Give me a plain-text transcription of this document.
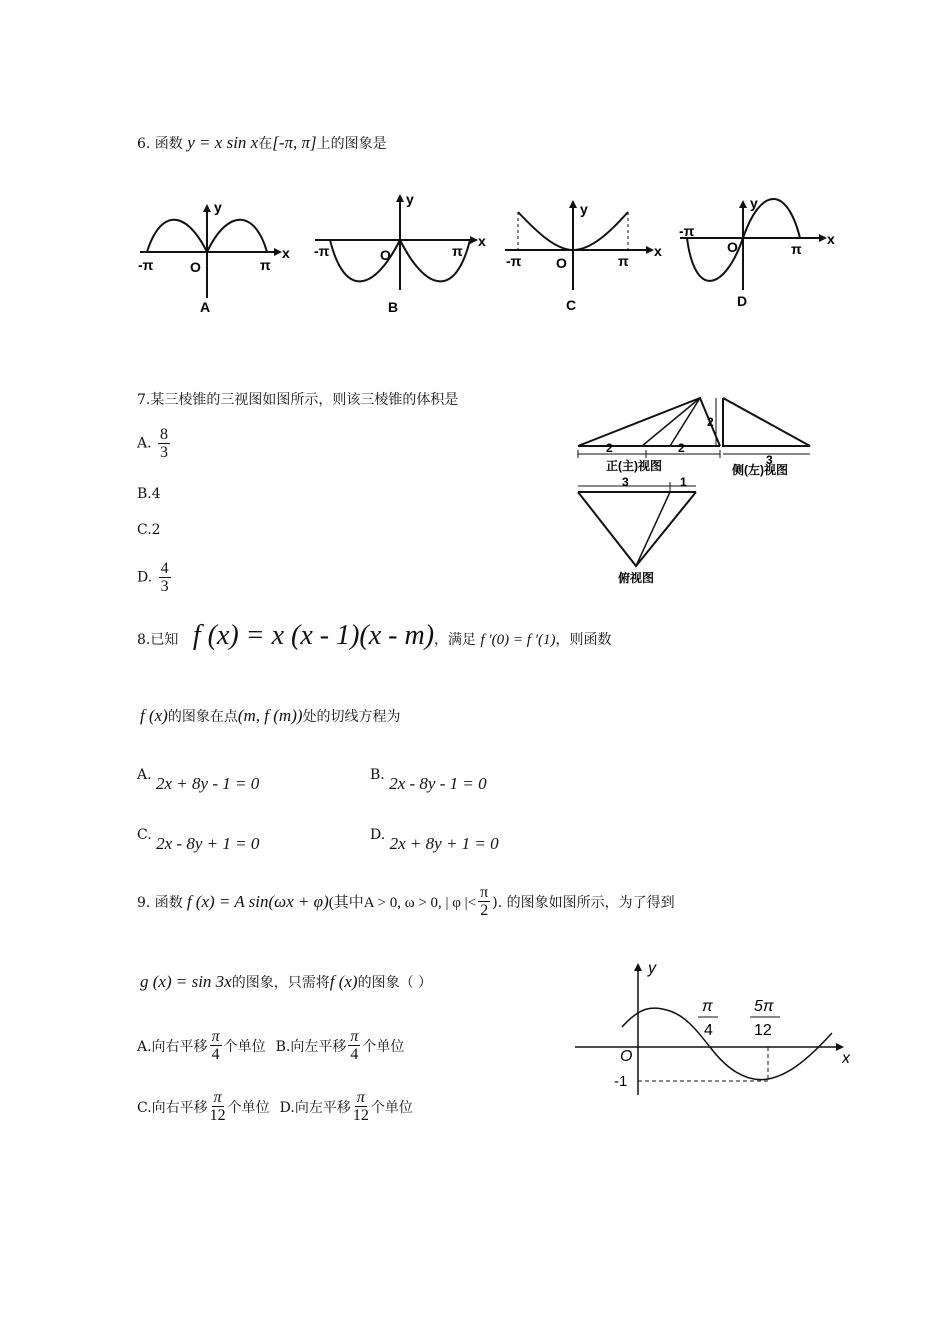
6. 函数 y = x sin x在[-π, π]上的图象是
y
x
O
-π	π
A
y
x
O
-π	π
B
y
x
O
-π	π
C
y
x
O
-π
π
D
7.某三棱锥的三视图如图所示，则该三棱锥的体积是
A. $\frac{8}{3}$
B.4
C.2
D. $\frac{4}{3}$
2	2
正(主)视图
2
3
侧(左)视图
3	1
俯视图
8.已知 f (x) = x (x - 1)(x - m)，满足 f ′(0) = f ′(1)，则函数
f (x)的图象在点(m, f (m))处的切线方程为
A. 2x + 8y - 1 = 0	B. 2x - 8y - 1 = 0
C. 2x - 8y + 1 = 0	D. 2x + 8y + 1 = 0
9. 函数 f (x) = A sin(ωx + φ) (其中A > 0, ω > 0, | φ |< $\frac{\pi}{2}$ ). 的图象如图所示，为了得到
g (x) = sin 3x的图象，只需将f (x)的图象（ ）
A.向右平移 $\frac{\pi}{4}$ 个单位 B.向左平移 $\frac{\pi}{4}$ 个单位
C.向右平移 $\frac{\pi}{12}$ 个单位 D.向左平移 $\frac{\pi}{12}$ 个单位
y
x
O
-1
π
4
5π
12
